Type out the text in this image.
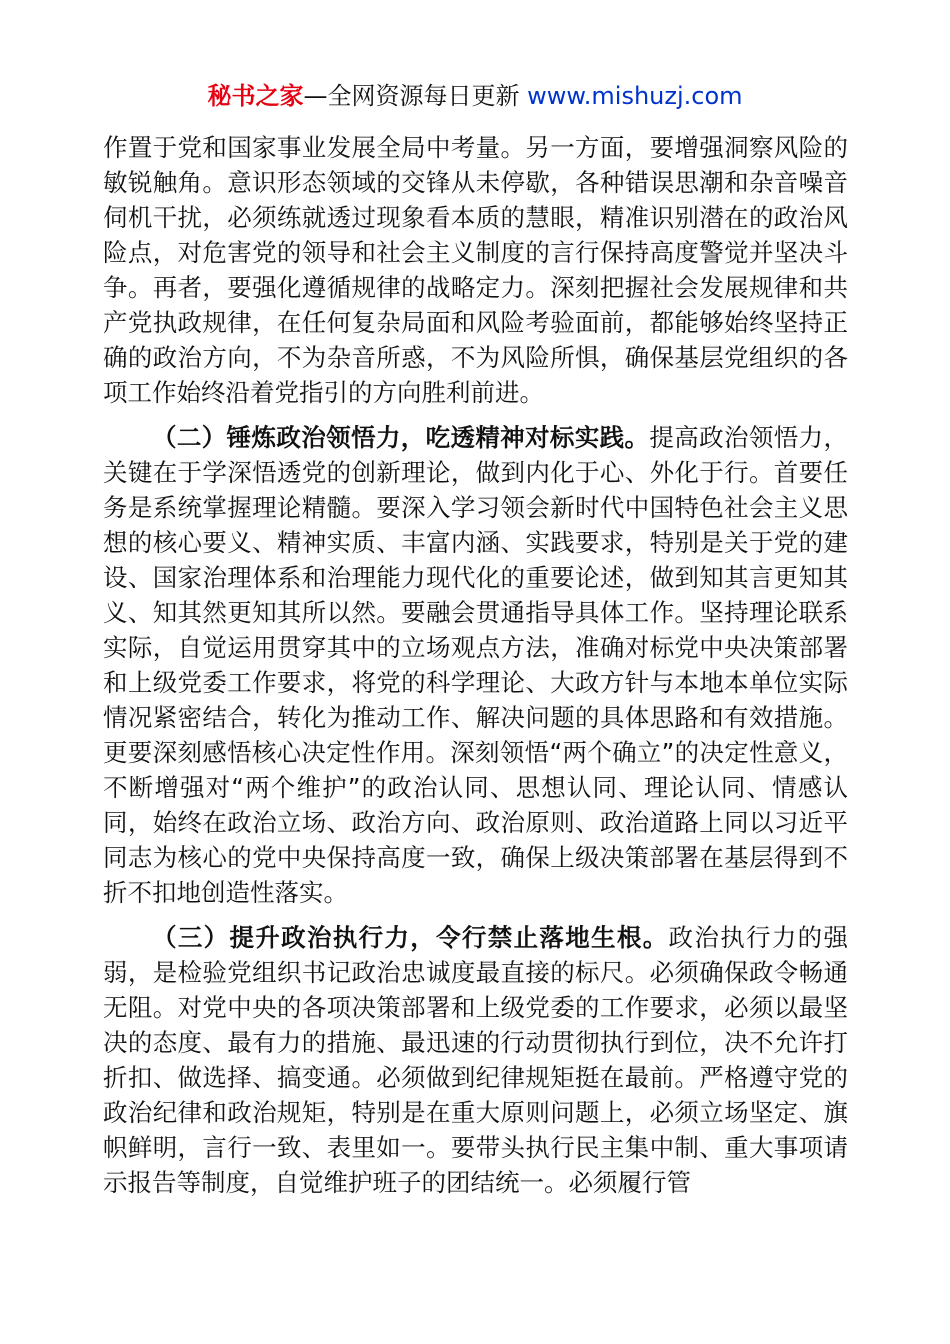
秘书之家—全网资源每日更新 www.mishuzj.com

作置于党和国家事业发展全局中考量。另一方面，要增强洞察风险的敏锐触角。意识形态领域的交锋从未停歇，各种错误思潮和杂音噪音伺机干扰，必须练就透过现象看本质的慧眼，精准识别潜在的政治风险点，对危害党的领导和社会主义制度的言行保持高度警觉并坚决斗争。再者，要强化遵循规律的战略定力。深刻把握社会发展规律和共产党执政规律，在任何复杂局面和风险考验面前，都能够始终坚持正确的政治方向，不为杂音所惑，不为风险所惧，确保基层党组织的各项工作始终沿着党指引的方向胜利前进。

（二）锤炼政治领悟力，吃透精神对标实践。提高政治领悟力，关键在于学深悟透党的创新理论，做到内化于心、外化于行。首要任务是系统掌握理论精髓。要深入学习领会新时代中国特色社会主义思想的核心要义、精神实质、丰富内涵、实践要求，特别是关于党的建设、国家治理体系和治理能力现代化的重要论述，做到知其言更知其义、知其然更知其所以然。要融会贯通指导具体工作。坚持理论联系实际，自觉运用贯穿其中的立场观点方法，准确对标党中央决策部署和上级党委工作要求，将党的科学理论、大政方针与本地本单位实际情况紧密结合，转化为推动工作、解决问题的具体思路和有效措施。更要深刻感悟核心决定性作用。深刻领悟“两个确立”的决定性意义，不断增强对“两个维护”的政治认同、思想认同、理论认同、情感认同，始终在政治立场、政治方向、政治原则、政治道路上同以习近平同志为核心的党中央保持高度一致，确保上级决策部署在基层得到不折不扣地创造性落实。

（三）提升政治执行力，令行禁止落地生根。政治执行力的强弱，是检验党组织书记政治忠诚度最直接的标尺。必须确保政令畅通无阻。对党中央的各项决策部署和上级党委的工作要求，必须以最坚决的态度、最有力的措施、最迅速的行动贯彻执行到位，决不允许打折扣、做选择、搞变通。必须做到纪律规矩挺在最前。严格遵守党的政治纪律和政治规矩，特别是在重大原则问题上，必须立场坚定、旗帜鲜明，言行一致、表里如一。要带头执行民主集中制、重大事项请示报告等制度，自觉维护班子的团结统一。必须履行管
